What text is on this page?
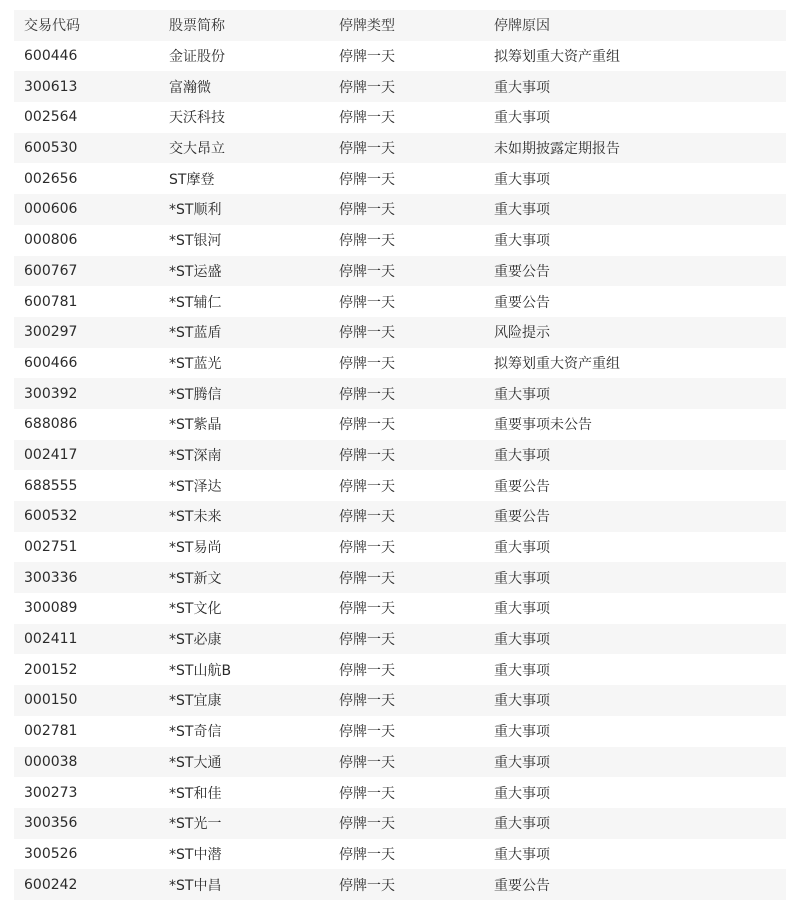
交易代码	股票简称	停牌类型	停牌原因
600446	金证股份	停牌一天	拟筹划重大资产重组
300613	富瀚微	停牌一天	重大事项
002564	天沃科技	停牌一天	重大事项
600530	交大昂立	停牌一天	未如期披露定期报告
002656	ST摩登	停牌一天	重大事项
000606	*ST顺利	停牌一天	重大事项
000806	*ST银河	停牌一天	重大事项
600767	*ST运盛	停牌一天	重要公告
600781	*ST辅仁	停牌一天	重要公告
300297	*ST蓝盾	停牌一天	风险提示
600466	*ST蓝光	停牌一天	拟筹划重大资产重组
300392	*ST腾信	停牌一天	重大事项
688086	*ST紫晶	停牌一天	重要事项未公告
002417	*ST深南	停牌一天	重大事项
688555	*ST泽达	停牌一天	重要公告
600532	*ST未来	停牌一天	重要公告
002751	*ST易尚	停牌一天	重大事项
300336	*ST新文	停牌一天	重大事项
300089	*ST文化	停牌一天	重大事项
002411	*ST必康	停牌一天	重大事项
200152	*ST山航B	停牌一天	重大事项
000150	*ST宜康	停牌一天	重大事项
002781	*ST奇信	停牌一天	重大事项
000038	*ST大通	停牌一天	重大事项
300273	*ST和佳	停牌一天	重大事项
300356	*ST光一	停牌一天	重大事项
300526	*ST中潜	停牌一天	重大事项
600242	*ST中昌	停牌一天	重要公告
